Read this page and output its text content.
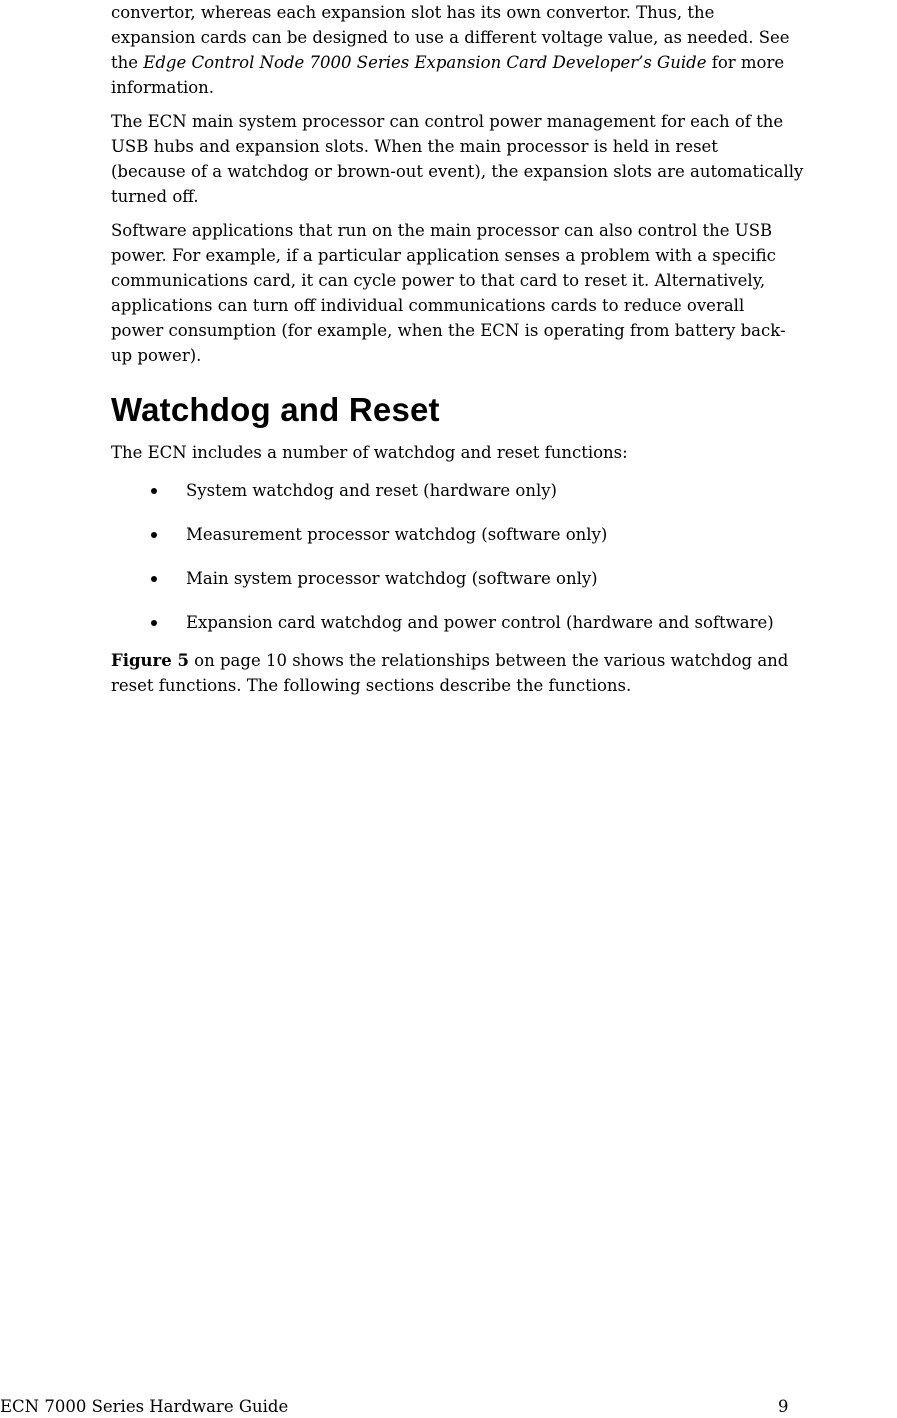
convertor, whereas each expansion slot has its own convertor. Thus, the
expansion cards can be designed to use a different voltage value, as needed. See
the Edge Control Node 7000 Series Expansion Card Developer’s Guide for more
information.

The ECN main system processor can control power management for each of the
USB hubs and expansion slots. When the main processor is held in reset
(because of a watchdog or brown-out event), the expansion slots are automatically
turned off.

Software applications that run on the main processor can also control the USB
power. For example, if a particular application senses a problem with a specific
communications card, it can cycle power to that card to reset it. Alternatively,
applications can turn off individual communications cards to reduce overall
power consumption (for example, when the ECN is operating from battery back-
up power).

Watchdog and Reset

The ECN includes a number of watchdog and reset functions:

System watchdog and reset (hardware only)
Measurement processor watchdog (software only)
Main system processor watchdog (software only)
Expansion card watchdog and power control (hardware and software)

Figure 5 on page 10 shows the relationships between the various watchdog and
reset functions. The following sections describe the functions.

ECN 7000 Series Hardware Guide	9
